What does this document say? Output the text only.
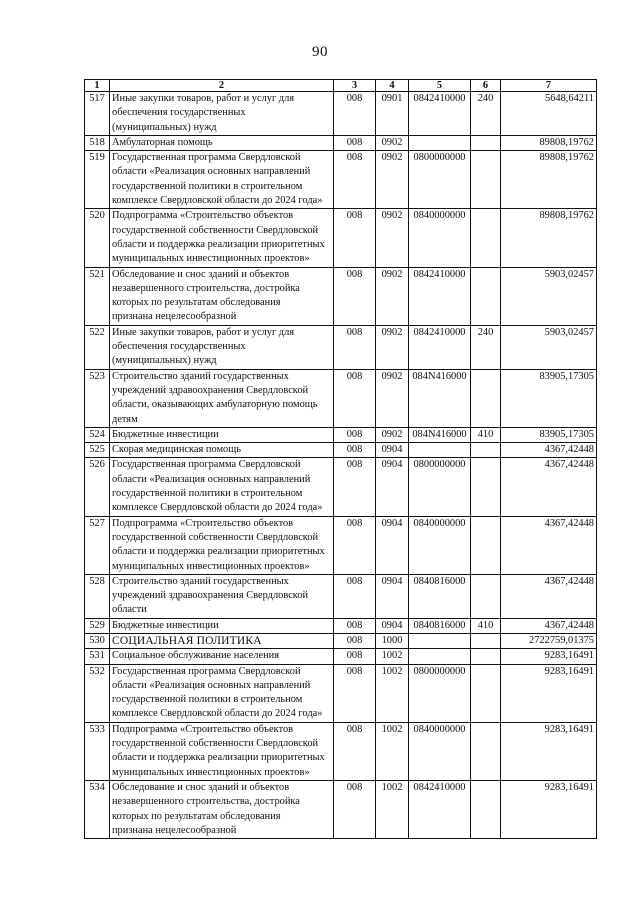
90
1	2	3	4	5	6	7
517	Иные закупки товаров, работ и услуг для
обеспечения государственных
(муниципальных) нужд	008	0901	0842410000	240	5648,64211
518	Амбулаторная помощь	008	0902			89808,19762
519	Государственная программа Свердловской
области «Реализация основных направлений
государственной политики в строительном
комплексе Свердловской области до 2024 года»	008	0902	0800000000		89808,19762
520	Подпрограмма «Строительство объектов
государственной собственности Свердловской
области и поддержка реализации приоритетных
муниципальных инвестиционных проектов»	008	0902	0840000000		89808,19762
521	Обследование и снос зданий и объектов
незавершенного строительства, достройка
которых по результатам обследования
признана нецелесообразной	008	0902	0842410000		5903,02457
522	Иные закупки товаров, работ и услуг для
обеспечения государственных
(муниципальных) нужд	008	0902	0842410000	240	5903,02457
523	Строительство зданий государственных
учреждений здравоохранения Свердловской
области, оказывающих амбулаторную помощь
детям	008	0902	084N416000		83905,17305
524	Бюджетные инвестиции	008	0902	084N416000	410	83905,17305
525	Скорая медицинская помощь	008	0904			4367,42448
526	Государственная программа Свердловской
области «Реализация основных направлений
государственной политики в строительном
комплексе Свердловской области до 2024 года»	008	0904	0800000000		4367,42448
527	Подпрограмма «Строительство объектов
государственной собственности Свердловской
области и поддержка реализации приоритетных
муниципальных инвестиционных проектов»	008	0904	0840000000		4367,42448
528	Строительство зданий государственных
учреждений здравоохранения Свердловской
области	008	0904	0840816000		4367,42448
529	Бюджетные инвестиции	008	0904	0840816000	410	4367,42448
530	СОЦИАЛЬНАЯ ПОЛИТИКА	008	1000			2722759,01375
531	Социальное обслуживание населения	008	1002			9283,16491
532	Государственная программа Свердловской
области «Реализация основных направлений
государственной политики в строительном
комплексе Свердловской области до 2024 года»	008	1002	0800000000		9283,16491
533	Подпрограмма «Строительство объектов
государственной собственности Свердловской
области и поддержка реализации приоритетных
муниципальных инвестиционных проектов»	008	1002	0840000000		9283,16491
534	Обследование и снос зданий и объектов
незавершенного строительства, достройка
которых по результатам обследования
признана нецелесообразной	008	1002	0842410000		9283,16491
